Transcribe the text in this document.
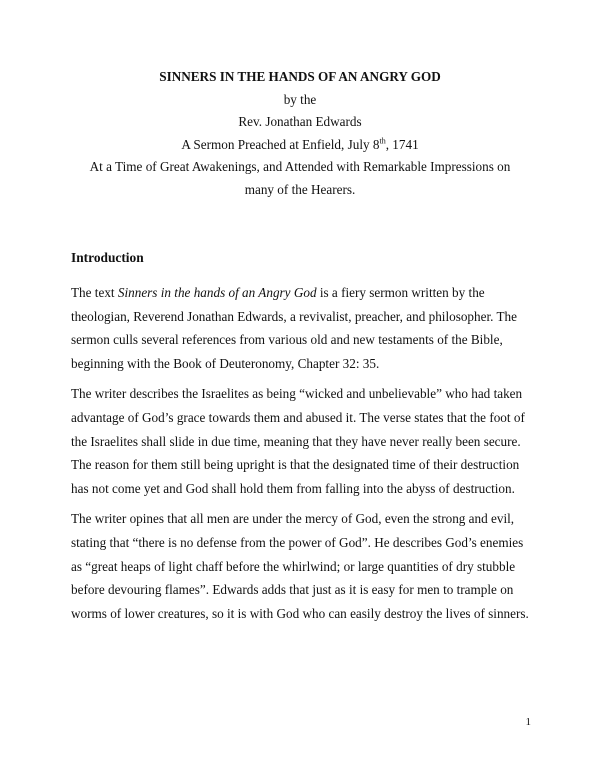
SINNERS IN THE HANDS OF AN ANGRY GOD
by the
Rev. Jonathan Edwards
A Sermon Preached at Enfield, July 8th, 1741
At a Time of Great Awakenings, and Attended with Remarkable Impressions on
many of the Hearers.
Introduction

The text Sinners in the hands of an Angry God is a fiery sermon written by the theologian, Reverend Jonathan Edwards, a revivalist, preacher, and philosopher. The sermon culls several references from various old and new testaments of the Bible, beginning with the Book of Deuteronomy, Chapter 32: 35.

The writer describes the Israelites as being “wicked and unbelievable” who had taken advantage of God’s grace towards them and abused it. The verse states that the foot of the Israelites shall slide in due time, meaning that they have never really been secure. The reason for them still being upright is that the designated time of their destruction has not come yet and God shall hold them from falling into the abyss of destruction.

The writer opines that all men are under the mercy of God, even the strong and evil, stating that “there is no defense from the power of God”. He describes God’s enemies as “great heaps of light chaff before the whirlwind; or large quantities of dry stubble before devouring flames”. Edwards adds that just as it is easy for men to trample on worms of lower creatures, so it is with God who can easily destroy the lives of sinners.

1
